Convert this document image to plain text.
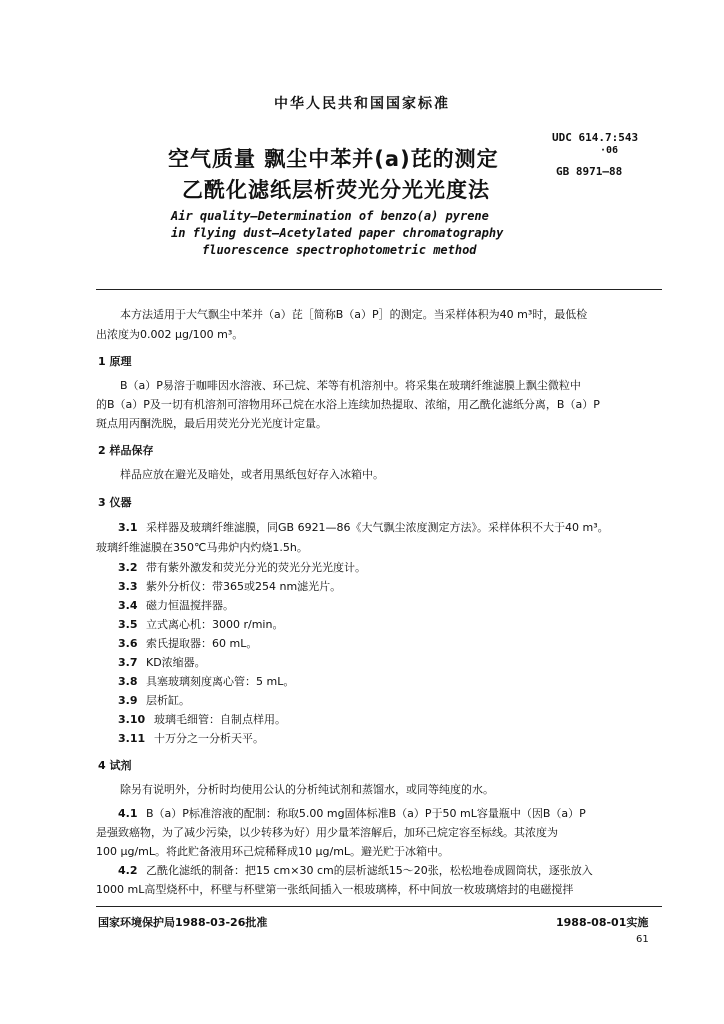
中华人民共和国国家标准
空气质量 飘尘中苯并(a)芘的测定
乙酰化滤纸层析荧光分光光度法
UDC 614.7:543
·06
GB 8971—88
Air quality—Determination of benzo(a) pyrene
in flying dust—Acetylated paper chromatography
fluorescence spectrophotometric method
本方法适用于大气飘尘中苯并（a）芘［简称B（a）P］的测定。当采样体积为40 m³时，最低检
出浓度为0.002 μg/100 m³。
1 原理
B（a）P易溶于咖啡因水溶液、环己烷、苯等有机溶剂中。将采集在玻璃纤维滤膜上飘尘微粒中
的B（a）P及一切有机溶剂可溶物用环己烷在水浴上连续加热提取、浓缩，用乙酰化滤纸分离，B（a）P
斑点用丙酮洗脱，最后用荧光分光光度计定量。
2 样品保存
样品应放在避光及暗处，或者用黑纸包好存入冰箱中。
3 仪器
3.1 采样器及玻璃纤维滤膜，同GB 6921—86《大气飘尘浓度测定方法》。采样体积不大于40 m³。
玻璃纤维滤膜在350℃马弗炉内灼烧1.5h。
3.2 带有紫外激发和荧光分光的荧光分光光度计。
3.3 紫外分析仪：带365或254 nm滤光片。
3.4 磁力恒温搅拌器。
3.5 立式离心机：3000 r/min。
3.6 索氏提取器：60 mL。
3.7 KD浓缩器。
3.8 具塞玻璃刻度离心管：5 mL。
3.9 层析缸。
3.10 玻璃毛细管：自制点样用。
3.11 十万分之一分析天平。
4 试剂
除另有说明外，分析时均使用公认的分析纯试剂和蒸馏水，或同等纯度的水。
4.1 B（a）P标准溶液的配制：称取5.00 mg固体标准B（a）P于50 mL容量瓶中（因B（a）P
是强致癌物，为了减少污染，以少转移为好）用少量苯溶解后，加环己烷定容至标线。其浓度为
100 μg/mL。将此贮备液用环己烷稀释成10 μg/mL。避光贮于冰箱中。
4.2 乙酰化滤纸的制备：把15 cm×30 cm的层析滤纸15～20张，松松地卷成圆筒状，逐张放入
1000 mL高型烧杯中，杯壁与杯壁第一张纸间插入一根玻璃棒，杯中间放一枚玻璃熔封的电磁搅拌
国家环境保护局1988-03-26批准	1988-08-01实施
61
